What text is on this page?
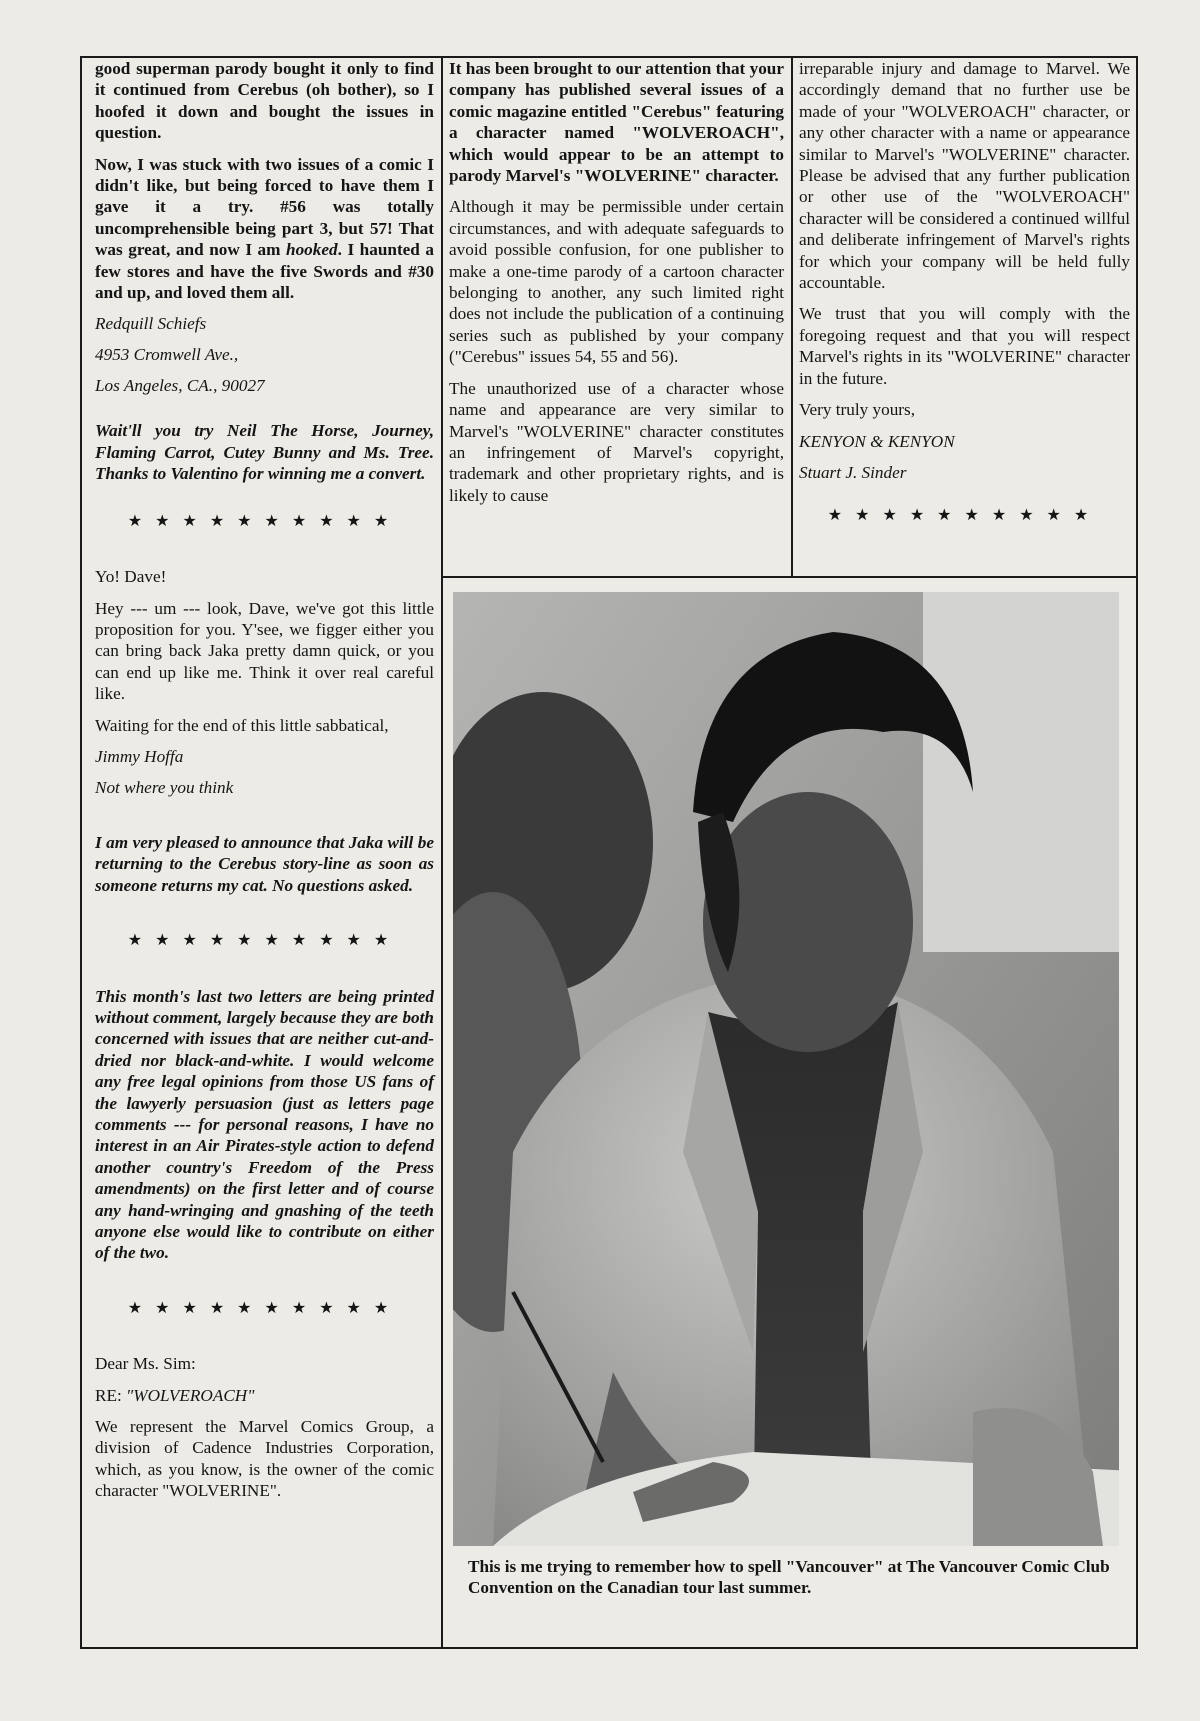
good superman parody bought it only to find it continued from Cerebus (oh bother), so I hoofed it down and bought the issues in question.

Now, I was stuck with two issues of a comic I didn't like, but being forced to have them I gave it a try. #56 was totally uncomprehensible being part 3, but 57! That was great, and now I am hooked. I haunted a few stores and have the five Swords and #30 and up, and loved them all.

Redquill Schiefs

4953 Cromwell Ave.,

Los Angeles, CA., 90027

Wait'll you try Neil The Horse, Journey, Flaming Carrot, Cutey Bunny and Ms. Tree. Thanks to Valentino for winning me a convert.

★★★★★★★★★★

Yo! Dave!

Hey --- um --- look, Dave, we've got this little proposition for you. Y'see, we figger either you can bring back Jaka pretty damn quick, or you can end up like me. Think it over real careful like.

Waiting for the end of this little sabbatical,

Jimmy Hoffa

Not where you think

I am very pleased to announce that Jaka will be returning to the Cerebus story-line as soon as someone returns my cat. No questions asked.

★★★★★★★★★★

This month's last two letters are being printed without comment, largely because they are both concerned with issues that are neither cut-and-dried nor black-and-white. I would welcome any free legal opinions from those US fans of the lawyerly persuasion (just as letters page comments --- for personal reasons, I have no interest in an Air Pirates-style action to defend another country's Freedom of the Press amendments) on the first letter and of course any hand-wringing and gnashing of the teeth anyone else would like to contribute on either of the two.

★★★★★★★★★★

Dear Ms. Sim:

RE: "WOLVEROACH"

We represent the Marvel Comics Group, a division of Cadence Industries Corporation, which, as you know, is the owner of the comic character "WOLVERINE".

It has been brought to our attention that your company has published several issues of a comic magazine entitled "Cerebus" featuring a character named "WOLVEROACH", which would appear to be an attempt to parody Marvel's "WOLVERINE" character.

Although it may be permissible under certain circumstances, and with adequate safeguards to avoid possible confusion, for one publisher to make a one-time parody of a cartoon character belonging to another, any such limited right does not include the publication of a continuing series such as published by your company ("Cerebus" issues 54, 55 and 56).

The unauthorized use of a character whose name and appearance are very similar to Marvel's "WOLVERINE" character constitutes an infringement of Marvel's copyright, trademark and other proprietary rights, and is likely to cause

irreparable injury and damage to Marvel. We accordingly demand that no further use be made of your "WOLVEROACH" character, or any other character with a name or appearance similar to Marvel's "WOLVERINE" character. Please be advised that any further publication or other use of the "WOLVEROACH" character will be considered a continued willful and deliberate infringement of Marvel's rights for which your company will be held fully accountable.

We trust that you will comply with the foregoing request and that you will respect Marvel's rights in its "WOLVERINE" character in the future.

Very truly yours,

KENYON & KENYON

Stuart J. Sinder

★★★★★★★★★★

This is me trying to remember how to spell "Vancouver" at The Vancouver Comic Club Convention on the Canadian tour last summer.
